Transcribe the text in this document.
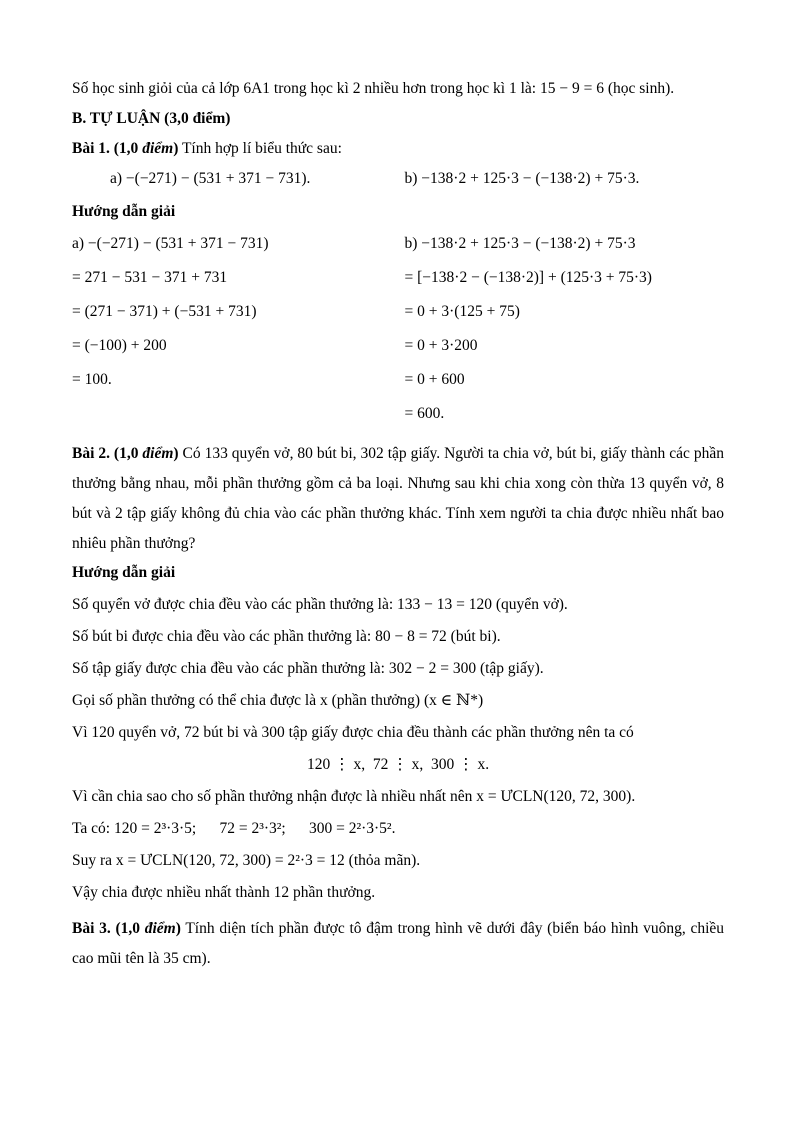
Số học sinh giỏi của cả lớp 6A1 trong học kì 2 nhiều hơn trong học kì 1 là: 15 − 9 = 6 (học sinh).

B. TỰ LUẬN (3,0 điểm)

Bài 1. (1,0 điểm) Tính hợp lí biểu thức sau:

a) −(−271) − (531 + 371 − 731).	b) −138·2 + 125·3 − (−138·2) + 75·3.

Hướng dẫn giải

a) −(−271) − (531 + 371 − 731)

= 271 − 531 − 371 + 731

= (271 − 371) + (−531 + 731)

= (−100) + 200

= 100.

b) −138·2 + 125·3 − (−138·2) + 75·3

= [−138·2 − (−138·2)] + (125·3 + 75·3)

= 0 + 3·(125 + 75)

= 0 + 3·200

= 0 + 600

= 600.

Bài 2. (1,0 điểm) Có 133 quyển vở, 80 bút bi, 302 tập giấy. Người ta chia vở, bút bi, giấy thành các phần thưởng bằng nhau, mỗi phần thưởng gồm cả ba loại. Nhưng sau khi chia xong còn thừa 13 quyển vở, 8 bút và 2 tập giấy không đủ chia vào các phần thưởng khác. Tính xem người ta chia được nhiều nhất bao nhiêu phần thưởng?

Hướng dẫn giải

Số quyển vở được chia đều vào các phần thưởng là: 133 − 13 = 120 (quyển vở).

Số bút bi được chia đều vào các phần thưởng là: 80 − 8 = 72 (bút bi).

Số tập giấy được chia đều vào các phần thưởng là: 302 − 2 = 300 (tập giấy).

Gọi số phần thưởng có thể chia được là x (phần thưởng) (x ∈ ℕ*)

Vì 120 quyển vở, 72 bút bi và 300 tập giấy được chia đều thành các phần thưởng nên ta có

120 ⋮ x,  72 ⋮ x,  300 ⋮ x.

Vì cần chia sao cho số phần thưởng nhận được là nhiều nhất nên x = ƯCLN(120, 72, 300).

Ta có: 120 = 2³·3·5;      72 = 2³·3²;      300 = 2²·3·5².

Suy ra x = ƯCLN(120, 72, 300) = 2²·3 = 12 (thỏa mãn).

Vậy chia được nhiều nhất thành 12 phần thưởng.

Bài 3. (1,0 điểm) Tính diện tích phần được tô đậm trong hình vẽ dưới đây (biển báo hình vuông, chiều cao mũi tên là 35 cm).
